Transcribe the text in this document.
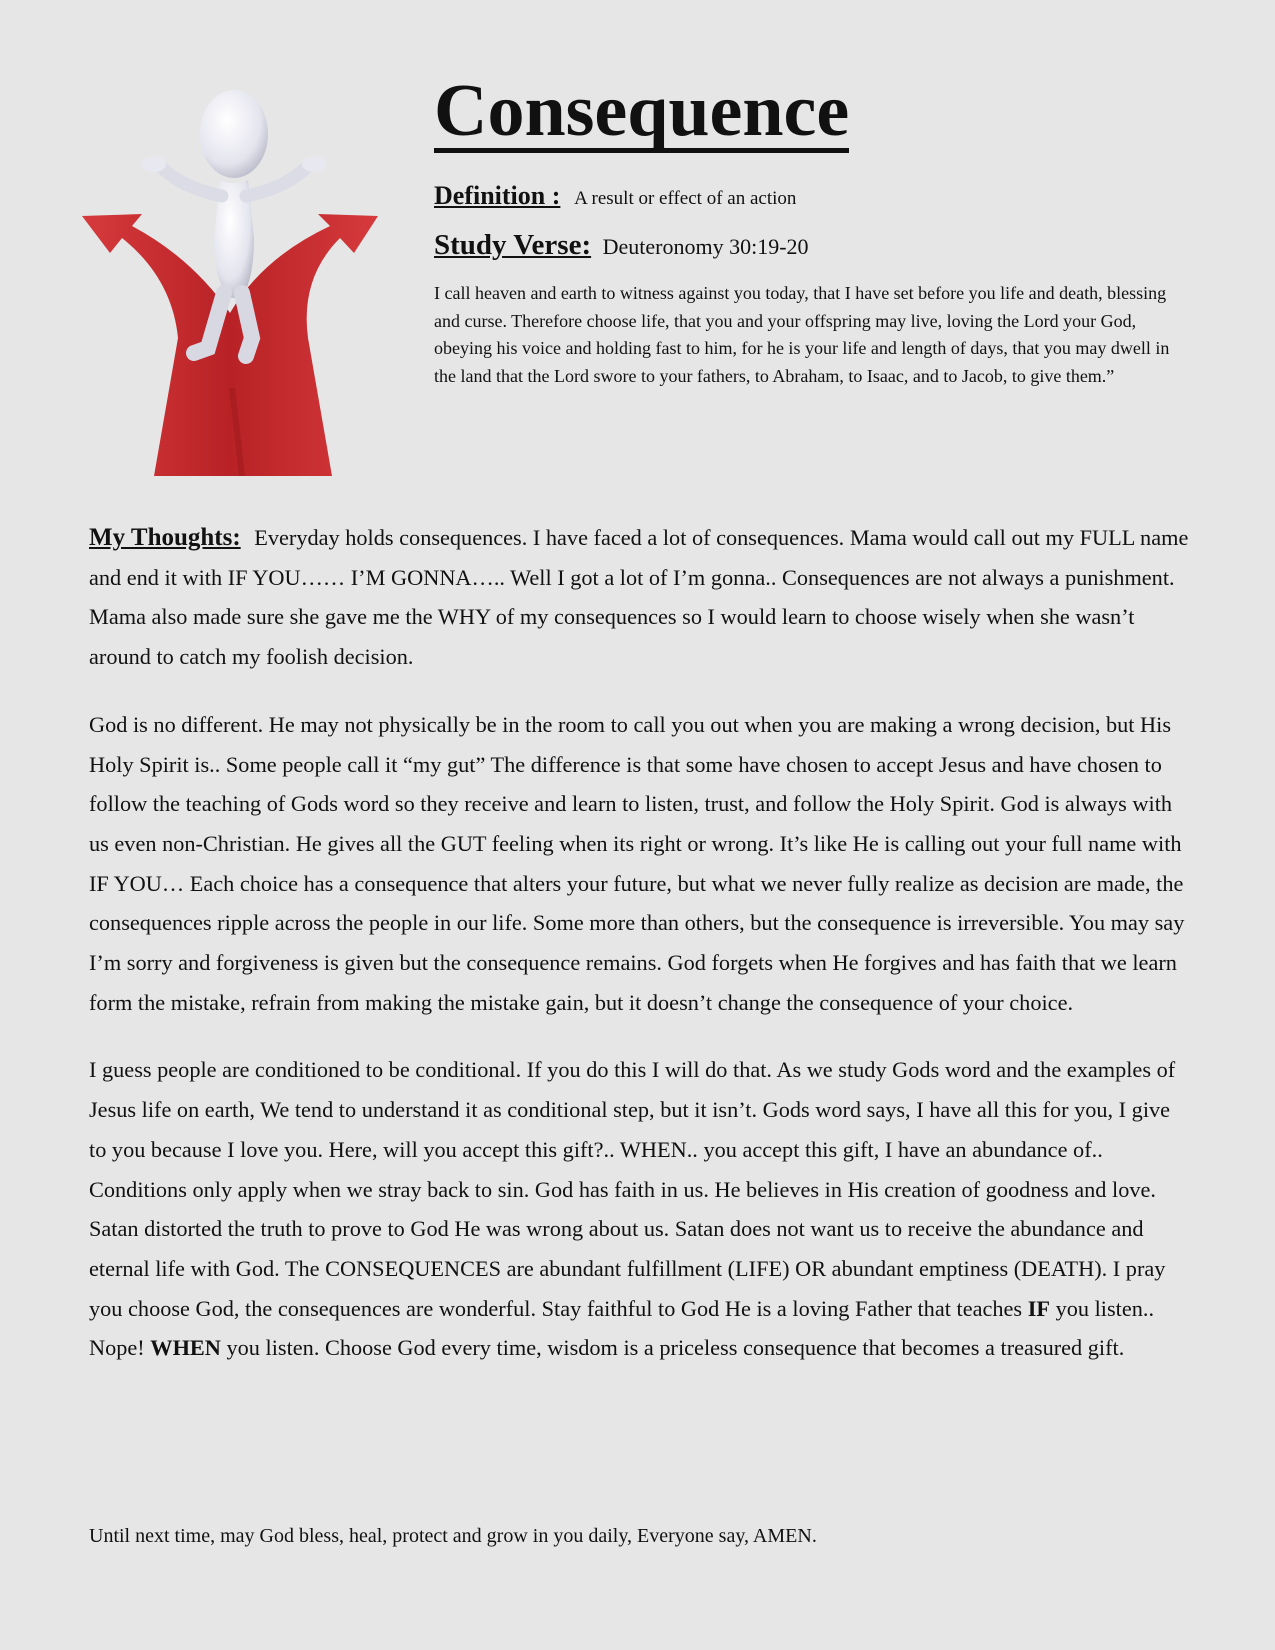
Consequence
Definition : A result or effect of an action
Study Verse: Deuteronomy 30:19-20
I call heaven and earth to witness against you today, that I have set before you life and death, blessing and curse. Therefore choose life, that you and your offspring may live, loving the Lord your God, obeying his voice and holding fast to him, for he is your life and length of days, that you may dwell in the land that the Lord swore to your fathers, to Abraham, to Isaac, and to Jacob, to give them.”

My Thoughts: Everyday holds consequences. I have faced a lot of consequences. Mama would call out my FULL name and end it with IF YOU…… I’M GONNA….. Well I got a lot of I’m gonna.. Consequences are not always a punishment. Mama also made sure she gave me the WHY of my consequences so I would learn to choose wisely when she wasn’t around to catch my foolish decision.

God is no different. He may not physically be in the room to call you out when you are making a wrong decision, but His Holy Spirit is.. Some people call it “my gut” The difference is that some have chosen to accept Jesus and have chosen to follow the teaching of Gods word so they receive and learn to listen, trust, and follow the Holy Spirit. God is always with us even non-Christian. He gives all the GUT feeling when its right or wrong. It’s like He is calling out your full name with IF YOU… Each choice has a consequence that alters your future, but what we never fully realize as decision are made, the consequences ripple across the people in our life. Some more than others, but the consequence is irreversible. You may say I’m sorry and forgiveness is given but the consequence remains. God forgets when He forgives and has faith that we learn form the mistake, refrain from making the mistake gain, but it doesn’t change the consequence of your choice.

I guess people are conditioned to be conditional. If you do this I will do that. As we study Gods word and the examples of Jesus life on earth, We tend to understand it as conditional step, but it isn’t. Gods word says, I have all this for you, I give to you because I love you. Here, will you accept this gift?.. WHEN.. you accept this gift, I have an abundance of.. Conditions only apply when we stray back to sin. God has faith in us. He believes in His creation of goodness and love. Satan distorted the truth to prove to God He was wrong about us. Satan does not want us to receive the abundance and eternal life with God. The CONSEQUENCES are abundant fulfillment (LIFE) OR abundant emptiness (DEATH). I pray you choose God, the consequences are wonderful. Stay faithful to God He is a loving Father that teaches IF you listen.. Nope! WHEN you listen. Choose God every time, wisdom is a priceless consequence that becomes a treasured gift.

Until next time, may God bless, heal, protect and grow in you daily, Everyone say, AMEN.
